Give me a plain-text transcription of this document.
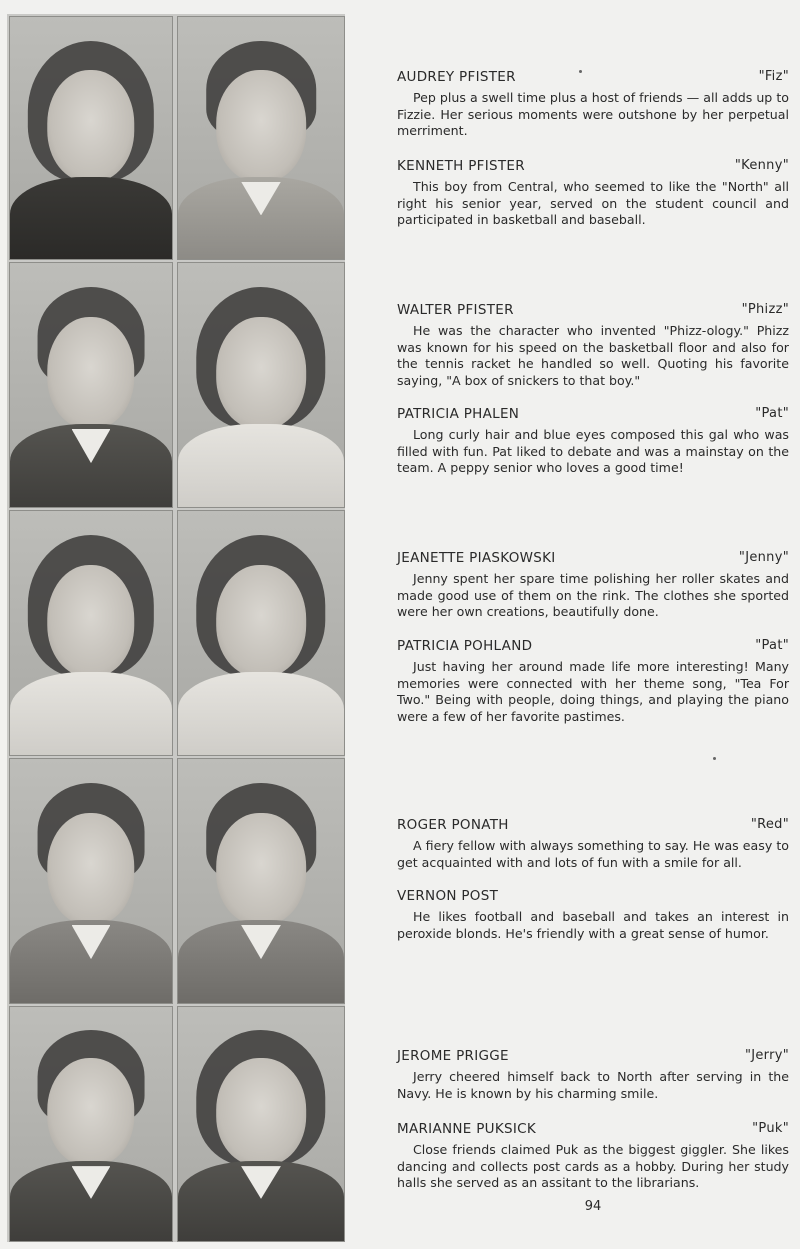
AUDREY PFISTER	"Fiz"

Pep plus a swell time plus a host of friends — all adds up to Fizzie. Her serious moments were outshone by her perpetual merriment.

KENNETH PFISTER	"Kenny"

This boy from Central, who seemed to like the "North" all right his senior year, served on the student council and participated in basketball and baseball.

WALTER PFISTER	"Phizz"

He was the character who invented "Phizz-ology." Phizz was known for his speed on the basketball floor and also for the tennis racket he handled so well. Quoting his favorite saying, "A box of snickers to that boy."

PATRICIA PHALEN	"Pat"

Long curly hair and blue eyes composed this gal who was filled with fun. Pat liked to debate and was a mainstay on the team. A peppy senior who loves a good time!

JEANETTE PIASKOWSKI	"Jenny"

Jenny spent her spare time polishing her roller skates and made good use of them on the rink. The clothes she sported were her own creations, beautifully done.

PATRICIA POHLAND	"Pat"

Just having her around made life more interesting! Many memories were connected with her theme song, "Tea For Two." Being with people, doing things, and playing the piano were a few of her favorite pastimes.

ROGER PONATH	"Red"

A fiery fellow with always something to say. He was easy to get acquainted with and lots of fun with a smile for all.

VERNON POST

He likes football and baseball and takes an interest in peroxide blonds. He's friendly with a great sense of humor.

JEROME PRIGGE	"Jerry"

Jerry cheered himself back to North after serving in the Navy. He is known by his charming smile.

MARIANNE PUKSICK	"Puk"

Close friends claimed Puk as the biggest giggler. She likes dancing and collects post cards as a hobby. During her study halls she served as an assitant to the librarians.

94
